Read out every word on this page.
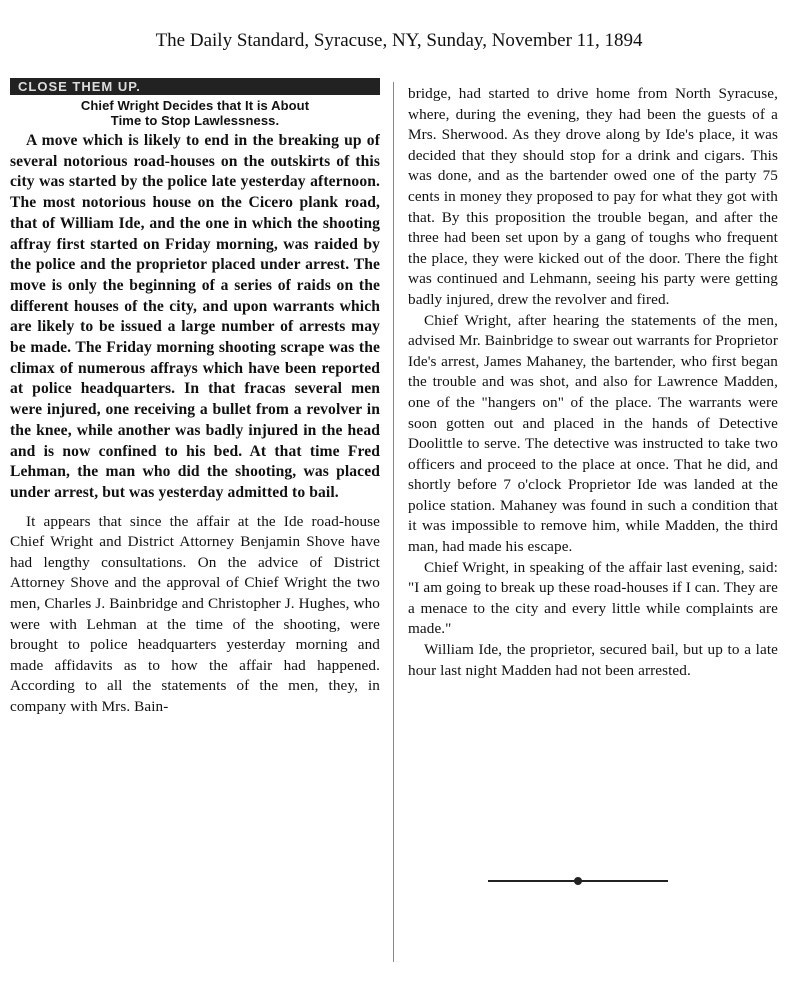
The Daily Standard, Syracuse, NY, Sunday, November 11, 1894
CLOSE THEM UP.
Chief Wright Decides that It is About
Time to Stop Lawlessness.

A move which is likely to end in the breaking up of several notorious road-houses on the outskirts of this city was started by the police late yesterday afternoon. The most notorious house on the Cicero plank road, that of William Ide, and the one in which the shooting affray first started on Friday morning, was raided by the police and the proprietor placed under arrest. The move is only the beginning of a series of raids on the different houses of the city, and upon warrants which are likely to be issued a large number of arrests may be made. The Friday morning shooting scrape was the climax of numerous affrays which have been reported at police headquarters. In that fracas several men were injured, one receiving a bullet from a revolver in the knee, while another was badly injured in the head and is now confined to his bed. At that time Fred Lehman, the man who did the shooting, was placed under arrest, but was yesterday admitted to bail.

It appears that since the affair at the Ide road-house Chief Wright and District Attorney Benjamin Shove have had lengthy consultations. On the advice of District Attorney Shove and the approval of Chief Wright the two men, Charles J. Bainbridge and Christopher J. Hughes, who were with Lehman at the time of the shooting, were brought to police headquarters yesterday morning and made affidavits as to how the affair had happened. According to all the statements of the men, they, in company with Mrs. Bain-

bridge, had started to drive home from North Syracuse, where, during the evening, they had been the guests of a Mrs. Sherwood. As they drove along by Ide's place, it was decided that they should stop for a drink and cigars. This was done, and as the bartender owed one of the party 75 cents in money they proposed to pay for what they got with that. By this proposition the trouble began, and after the three had been set upon by a gang of toughs who frequent the place, they were kicked out of the door. There the fight was continued and Lehmann, seeing his party were getting badly injured, drew the revolver and fired.

Chief Wright, after hearing the statements of the men, advised Mr. Bainbridge to swear out warrants for Proprietor Ide's arrest, James Mahaney, the bartender, who first began the trouble and was shot, and also for Lawrence Madden, one of the "hangers on" of the place. The warrants were soon gotten out and placed in the hands of Detective Doolittle to serve. The detective was instructed to take two officers and proceed to the place at once. That he did, and shortly before 7 o'clock Proprietor Ide was landed at the police station. Mahaney was found in such a condition that it was impossible to remove him, while Madden, the third man, had made his escape.

Chief Wright, in speaking of the affair last evening, said: "I am going to break up these road-houses if I can. They are a menace to the city and every little while complaints are made."

William Ide, the proprietor, secured bail, but up to a late hour last night Madden had not been arrested.
